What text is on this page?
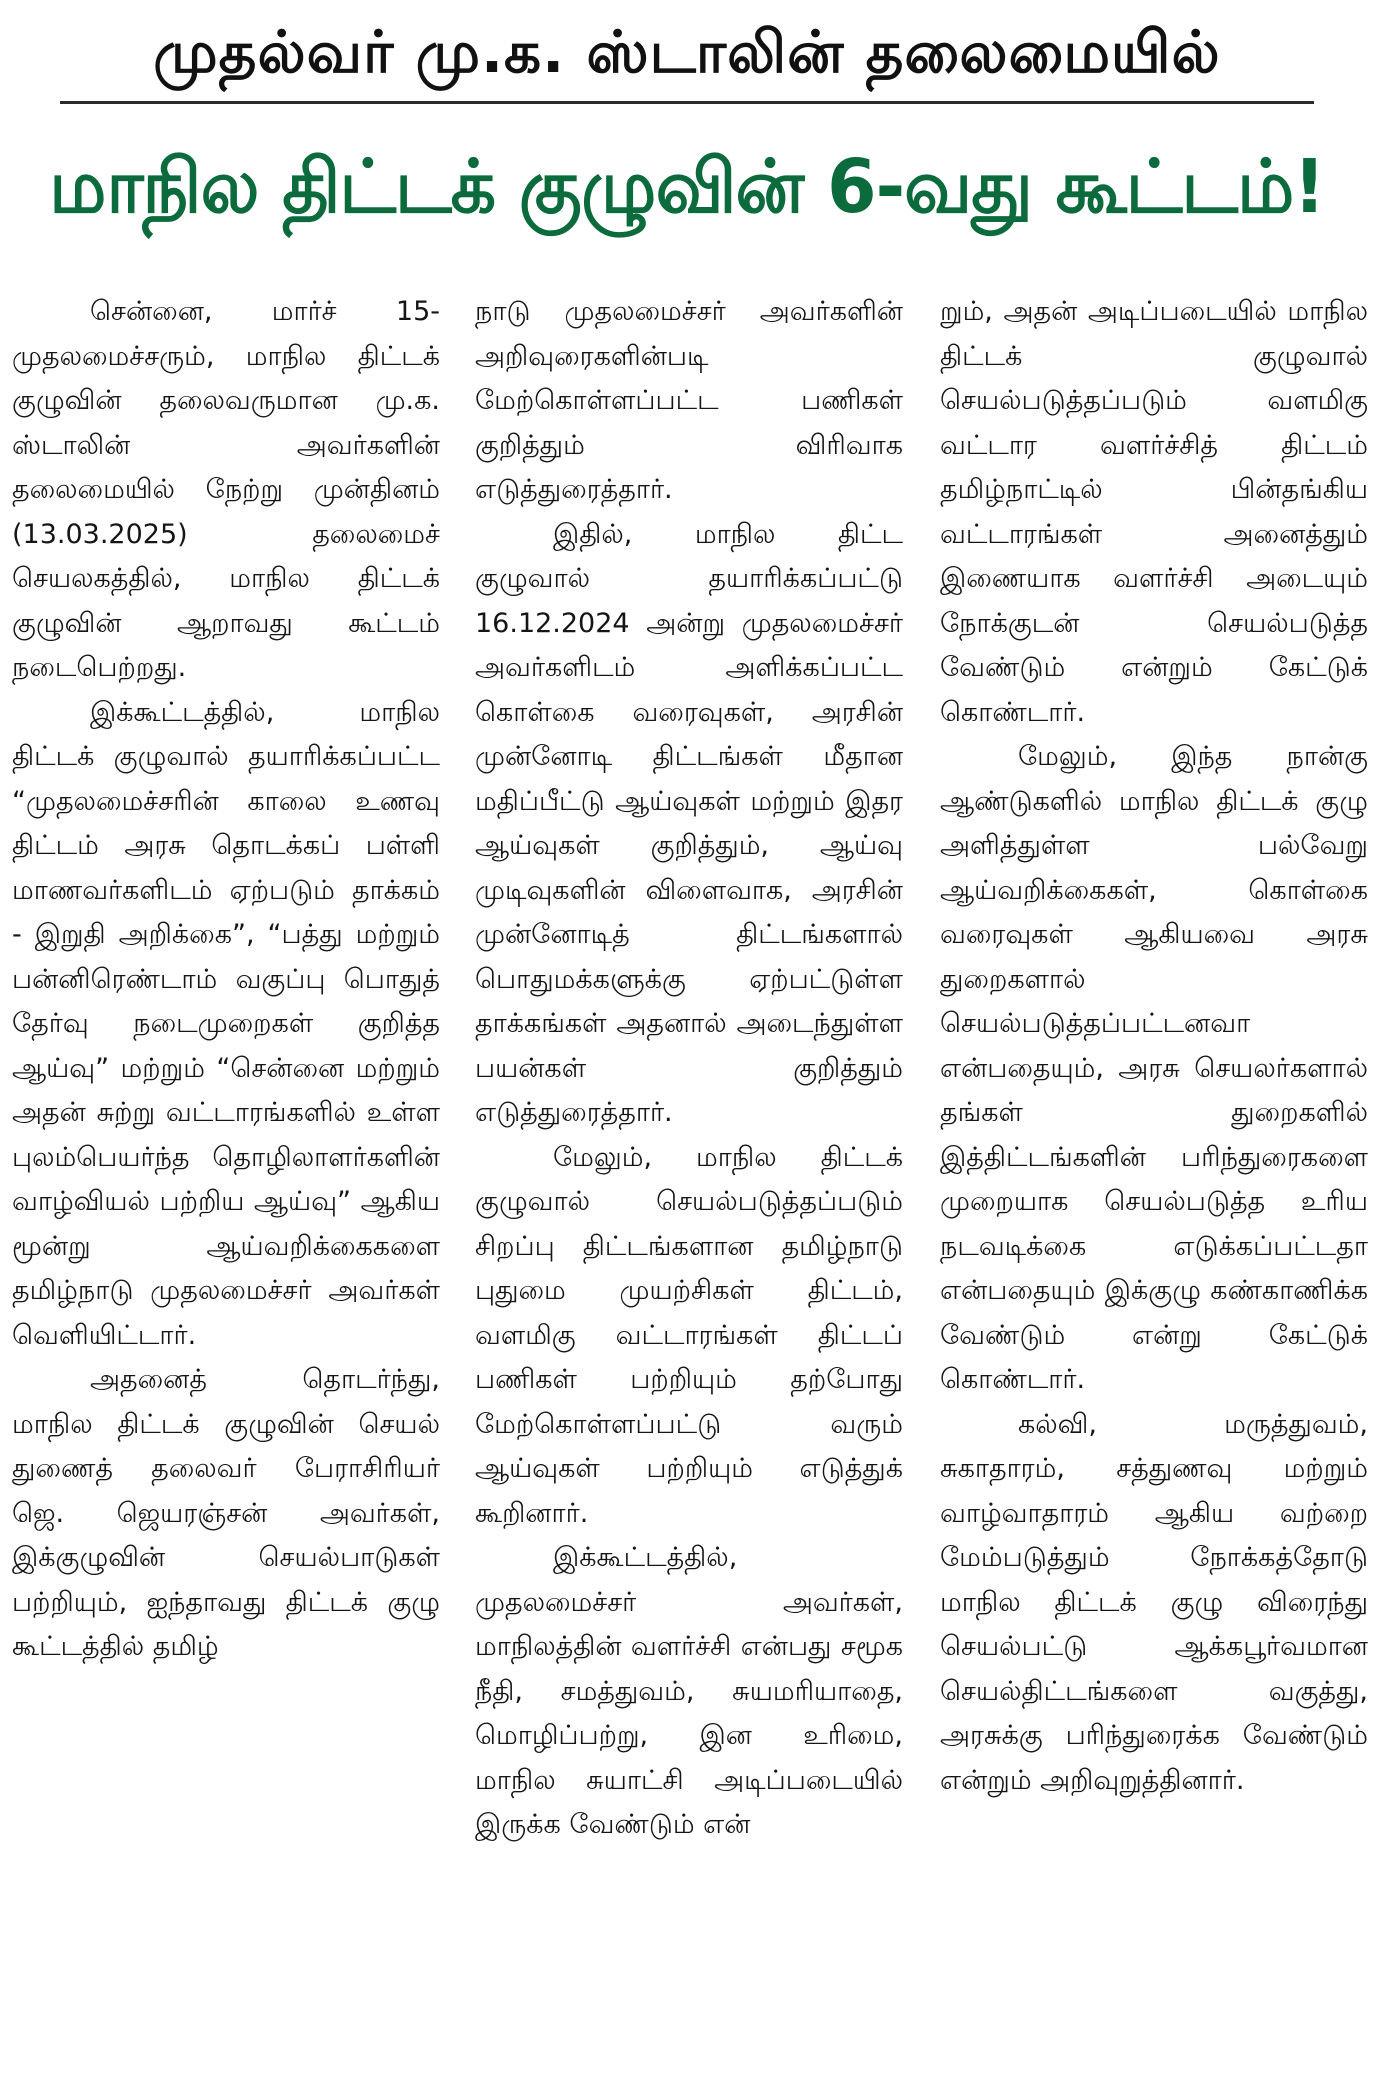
முதல்வர் மு.க. ஸ்டாலின் தலைமையில்
மாநில திட்டக் குழுவின் 6-வது கூட்டம்!

சென்னை, மார்ச் 15- முதலமைச்சரும், மாநில திட்டக் குழுவின் தலைவருமான மு.க. ஸ்டாலின் அவர்களின் தலைமையில் நேற்று முன்தினம் (13.03.2025) தலைமைச் செயலகத்தில், மாநில திட்டக் குழுவின் ஆறாவது கூட்டம் நடைபெற்றது.

இக்கூட்டத்தில், மாநில திட்டக் குழுவால் தயாரிக்கப்பட்ட “முதலமைச்சரின் காலை உணவு திட்டம் அரசு தொடக்கப் பள்ளி மாணவர்களிடம் ஏற்படும் தாக்கம் - இறுதி அறிக்கை”, “பத்து மற்றும் பன்னிரெண்டாம் வகுப்பு பொதுத் தேர்வு நடைமுறைகள் குறித்த ஆய்வு” மற்றும் “சென்னை மற்றும் அதன் சுற்று வட்டாரங்களில் உள்ள புலம்பெயர்ந்த தொழிலாளர்களின் வாழ்வியல் பற்றிய ஆய்வு” ஆகிய மூன்று ஆய்வறிக்கைகளை தமிழ்நாடு முதலமைச்சர் அவர்கள் வெளியிட்டார்.

அதனைத் தொடர்ந்து, மாநில திட்டக் குழுவின் செயல் துணைத் தலைவர் பேராசிரியர் ஜெ. ஜெயரஞ்சன் அவர்கள், இக்குழுவின் செயல்பாடுகள் பற்றியும், ஐந்தாவது திட்டக் குழு கூட்டத்தில் தமிழ்

நாடு முதலமைச்சர் அவர்களின் அறிவுரைகளின்படி மேற்கொள்ளப்பட்ட பணிகள் குறித்தும் விரிவாக எடுத்துரைத்தார்.

இதில், மாநில திட்ட குழுவால் தயாரிக்கப்பட்டு 16.12.2024 அன்று முதலமைச்சர் அவர்களிடம் அளிக்கப்பட்ட கொள்கை வரைவுகள், அரசின் முன்னோடி திட்டங்கள் மீதான மதிப்பீட்டு ஆய்வுகள் மற்றும் இதர ஆய்வுகள் குறித்தும், ஆய்வு முடிவுகளின் விளைவாக, அரசின் முன்னோடித் திட்டங்களால் பொதுமக்களுக்கு ஏற்பட்டுள்ள தாக்கங்கள் அதனால் அடைந்துள்ள பயன்கள் குறித்தும் எடுத்துரைத்தார்.

மேலும், மாநில திட்டக் குழுவால் செயல்படுத்தப்படும் சிறப்பு திட்டங்களான தமிழ்நாடு புதுமை முயற்சிகள் திட்டம், வளமிகு வட்டாரங்கள் திட்டப் பணிகள் பற்றியும் தற்போது மேற்கொள்ளப்பட்டு வரும் ஆய்வுகள் பற்றியும் எடுத்துக் கூறினார்.

இக்கூட்டத்தில், முதலமைச்சர் அவர்கள், மாநிலத்தின் வளர்ச்சி என்பது சமூக நீதி, சமத்துவம், சுயமரியாதை, மொழிப்பற்று, இன உரிமை, மாநில சுயாட்சி அடிப்படையில் இருக்க வேண்டும் என்

றும், அதன் அடிப்படையில் மாநில திட்டக் குழுவால் செயல்படுத்தப்படும் வளமிகு வட்டார வளர்ச்சித் திட்டம் தமிழ்நாட்டில் பின்தங்கிய வட்டாரங்கள் அனைத்தும் இணையாக வளர்ச்சி அடையும் நோக்குடன் செயல்படுத்த வேண்டும் என்றும் கேட்டுக் கொண்டார்.

மேலும், இந்த நான்கு ஆண்டுகளில் மாநில திட்டக் குழு அளித்துள்ள பல்வேறு ஆய்வறிக்கைகள், கொள்கை வரைவுகள் ஆகியவை அரசு துறைகளால் செயல்படுத்தப்பட்டனவா என்பதையும், அரசு செயலர்களால் தங்கள் துறைகளில் இத்திட்டங்களின் பரிந்துரைகளை முறையாக செயல்படுத்த உரிய நடவடிக்கை எடுக்கப்பட்டதா என்பதையும் இக்குழு கண்காணிக்க வேண்டும் என்று கேட்டுக் கொண்டார்.

கல்வி, மருத்துவம், சுகாதாரம், சத்துணவு மற்றும் வாழ்வாதாரம் ஆகிய வற்றை மேம்படுத்தும் நோக்கத்தோடு மாநில திட்டக் குழு விரைந்து செயல்பட்டு ஆக்கபூர்வமான செயல்திட்டங்களை வகுத்து, அரசுக்கு பரிந்துரைக்க வேண்டும் என்றும் அறிவுறுத்தினார்.
